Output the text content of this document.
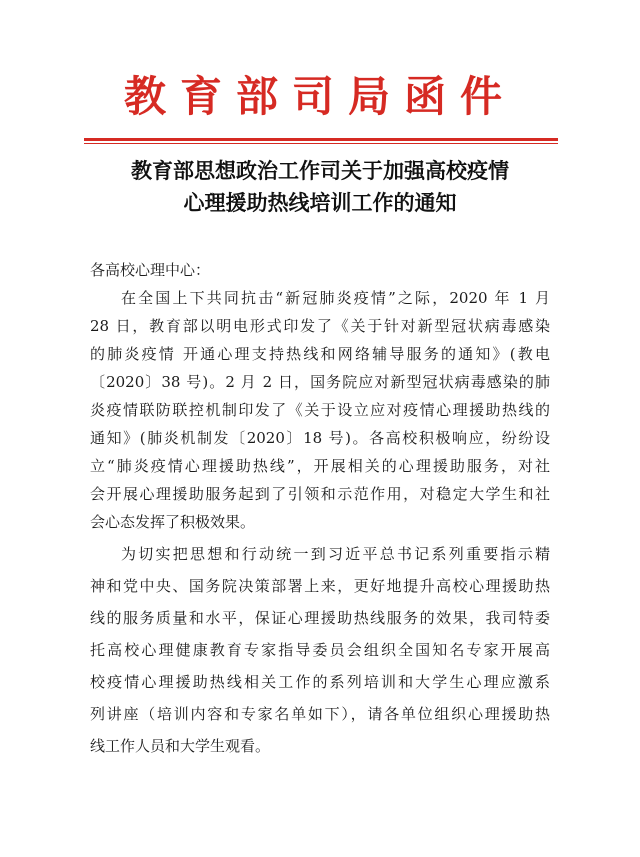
教育部司局函件
教育部思想政治工作司关于加强高校疫情
心理援助热线培训工作的通知
各高校心理中心：
在全国上下共同抗击“新冠肺炎疫情”之际，2020 年 1 月
28 日，教育部以明电形式印发了《关于针对新型冠状病毒感染
的肺炎疫情 开通心理支持热线和网络辅导服务的通知》(教电
〔2020〕38 号)。2 月 2 日，国务院应对新型冠状病毒感染的肺
炎疫情联防联控机制印发了《关于设立应对疫情心理援助热线的
通知》(肺炎机制发〔2020〕18 号)。各高校积极响应，纷纷设
立“肺炎疫情心理援助热线”，开展相关的心理援助服务，对社
会开展心理援助服务起到了引领和示范作用，对稳定大学生和社
会心态发挥了积极效果。
为切实把思想和行动统一到习近平总书记系列重要指示精
神和党中央、国务院决策部署上来，更好地提升高校心理援助热
线的服务质量和水平，保证心理援助热线服务的效果，我司特委
托高校心理健康教育专家指导委员会组织全国知名专家开展高
校疫情心理援助热线相关工作的系列培训和大学生心理应激系
列讲座（培训内容和专家名单如下），请各单位组织心理援助热
线工作人员和大学生观看。
